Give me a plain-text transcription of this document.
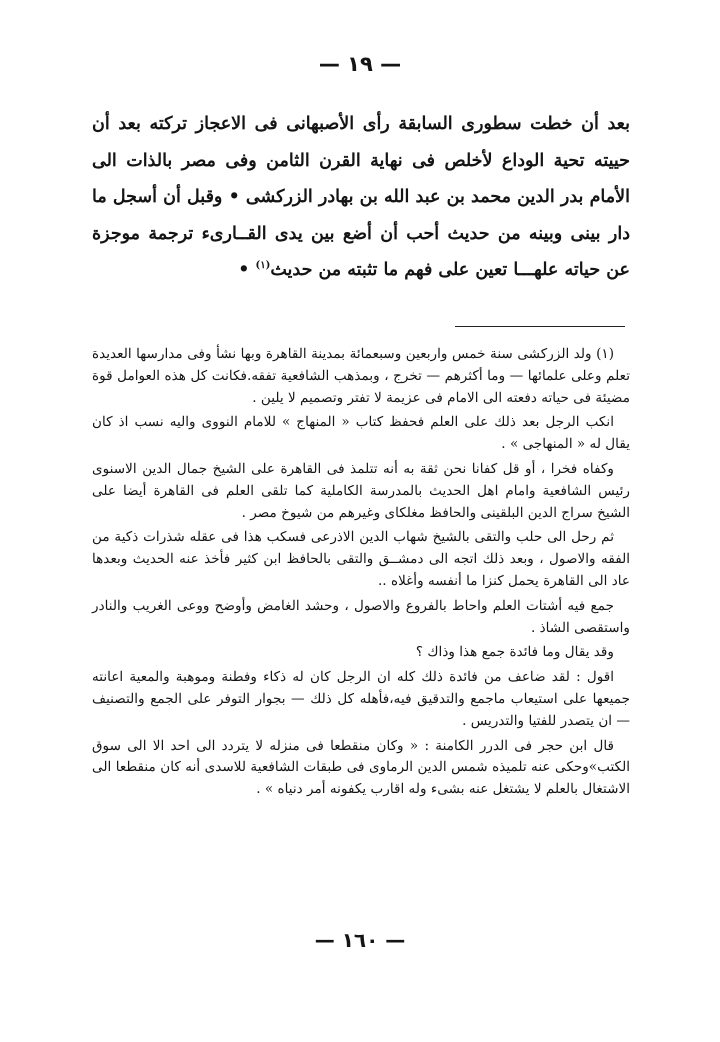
— ١٩ —

بعد أن خطت سطورى السابقة رأى الأصبهانى فى الاعجاز تركته بعد أن حييته تحية الوداع لأخلص فى نهاية القرن الثامن وفى مصر بالذات الى الأمام بدر الدين محمد بن عبد الله بن بهادر الزركشى • وقبل أن أسجل ما دار بينى وبينه من حديث أحب أن أضع بين يدى القــارىء ترجمة موجزة عن حياته علهـــا تعين على فهم ما تثبته من حديث$^{(١)}$ •

(١) ولد الزركشى سنة خمس واربعين وسبعمائة بمدينة القاهرة وبها نشأ وفى مدارسها العديدة تعلم وعلى علمائها — وما أكثرهم — تخرج ، وبمذهب الشافعية تفقه.فكانت كل هذه العوامل قوة مضيئة فى حياته دفعته الى الامام فى عزيمة لا تفتر وتصميم لا يلين .

انكب الرجل بعد ذلك على العلم فحفظ كتاب « المنهاج » للامام النووى واليه نسب اذ كان يقال له « المنهاجى » .

وكفاه فخرا ، أو قل كفانا نحن ثقة به أنه تتلمذ فى القاهرة على الشيخ جمال الدين الاسنوى رئيس الشافعية وامام اهل الحديث بالمدرسة الكاملية كما تلقى العلم فى القاهرة أيضا على الشيخ سراج الدين البلقينى والحافظ مغلكاى وغيرهم من شيوخ مصر .

ثم رحل الى حلب والتقى بالشيخ شهاب الدين الاذرعى فسكب هذا فى عقله شذرات ذكية من الفقه والاصول ، وبعد ذلك اتجه الى دمشــق والتقى بالحافظ ابن كثير فأخذ عنه الحديث وبعدها عاد الى القاهرة يحمل كنزا ما أنفسه وأغلاه ..

جمع فيه أشتات العلم واحاط بالفروع والاصول ، وحشد الغامض وأوضح ووعى الغريب والنادر واستقصى الشاذ .

وقد يقال وما فائدة جمع هذا وذاك ؟

اقول : لقد ضاعف من فائدة ذلك كله ان الرجل كان له ذكاء وفطنة وموهبة والمعية اعانته جميعها على استيعاب ماجمع والتدقيق فيه،فأهله كل ذلك — بجوار التوفر على الجمع والتصنيف — ان يتصدر للفتيا والتدريس .

قال ابن حجر فى الدرر الكامنة : « وكان منقطعا فى منزله لا يتردد الى احد الا الى سوق الكتب»وحكى عنه تلميذه شمس الدين الرماوى فى طبقات الشافعية للاسدى أنه كان منقطعا الى الاشتغال بالعلم لا يشتغل عنه بشىء وله اقارب يكفونه أمر دنياه » .

— ١٦٠ —
